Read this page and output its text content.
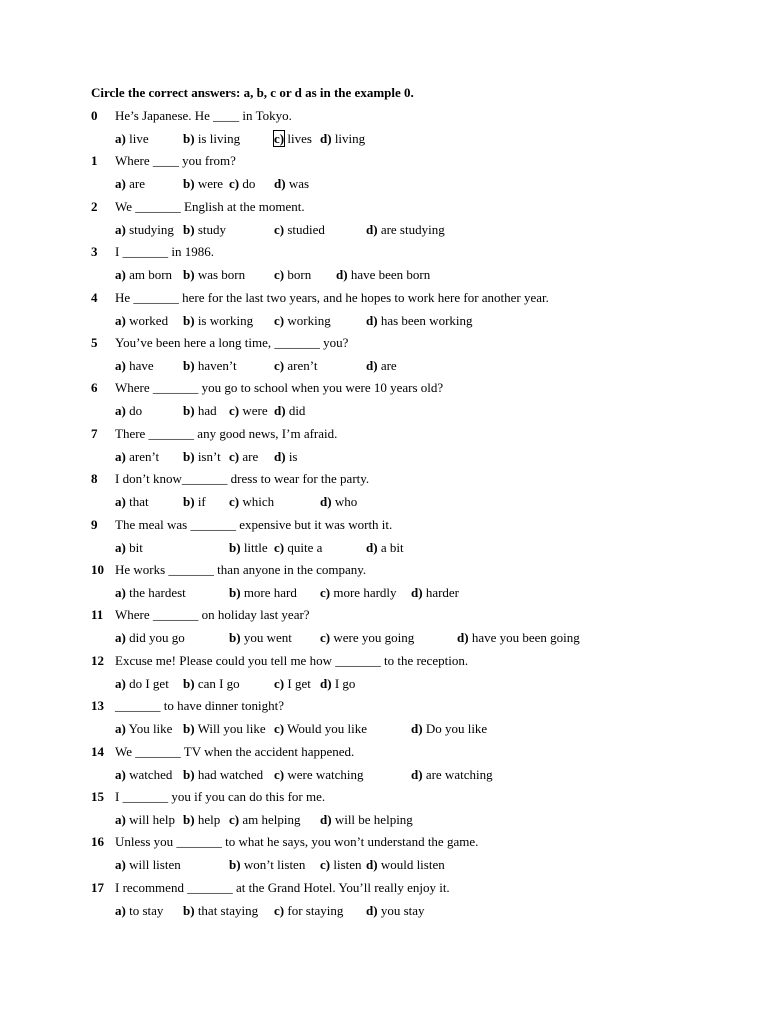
Circle the correct answers: a, b, c or d as in the example 0.
0 He’s Japanese. He ____ in Tokyo.
a) live	b) is living	c) lives d) living
1 Where ____ you from?
a) are	b) were c) do d) was
2 We _______ English at the moment.
a) studying b) study	c) studied	d) are studying
3 I _______ in 1986.
a) am born b) was born c) born d) have been born
4 He _______ here for the last two years, and he hopes to work here for another year.
a) worked b) is working c) working	d) has been working
5 You’ve been here a long time, _______ you?
a) have b) haven’t	c) aren’t	d) are
6 Where _______ you go to school when you were 10 years old?
a) do	b) had c) were d) did
7 There _______ any good news, I’m afraid.
a) aren’t b) isn’t c) are d) is
8 I don’t know_______ dress to wear for the party.
a) that	b) if c) which	d) who
9 The meal was _______ expensive but it was worth it.
a) bit	b) little c) quite a	d) a bit
10 He works _______ than anyone in the company.
a) the hardest	b) more hard c) more hardly d) harder
11 Where _______ on holiday last year?
a) did you go	b) you went c) were you going	d) have you been going
12 Excuse me! Please could you tell me how _______ to the reception.
a) do I get b) can I go	c) I get d) I go
13 _______ to have dinner tonight?
a) You like b) Will you like c) Would you like	d) Do you like
14 We _______ TV when the accident happened.
a) watched b) had watched c) were watching	d) are watching
15 I _______ you if you can do this for me.
a) will help b) help c) am helping d) will be helping
16 Unless you _______ to what he says, you won’t understand the game.
a) will listen	b) won’t listen c) listen d) would listen
17 I recommend _______ at the Grand Hotel. You’ll really enjoy it.
a) to stay b) that staying c) for staying d) you stay
